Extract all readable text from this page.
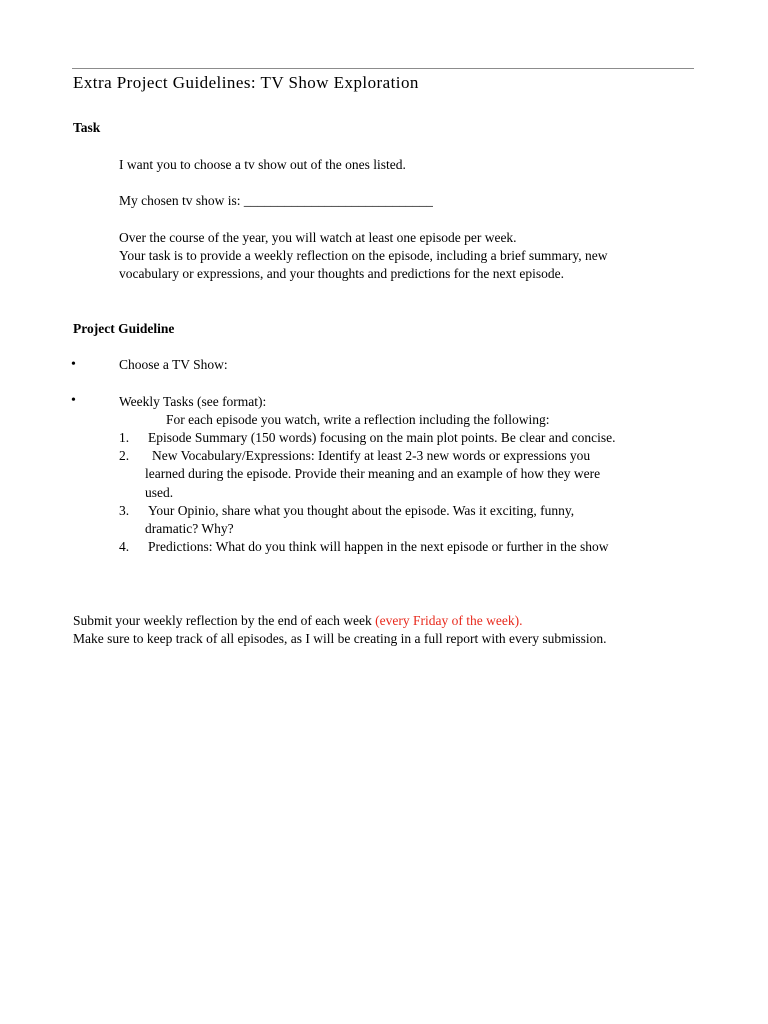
Extra Project Guidelines: TV Show Exploration
Task
I want you to choose a tv show out of the ones listed.
My chosen tv show is: ____________________________
Over the course of the year, you will watch at least one episode per week.
Your task is to provide a weekly reflection on the episode, including a brief summary, new
vocabulary or expressions, and your thoughts and predictions for the next episode.
Project Guideline
•	Choose a TV Show:
•	Weekly Tasks (see format):
For each episode you watch, write a reflection including the following:
1. Episode Summary (150 words) focusing on the main plot points. Be clear and concise.
2. New Vocabulary/Expressions: Identify at least 2-3 new words or expressions you
learned during the episode. Provide their meaning and an example of how they were
used.
3. Your Opinio, share what you thought about the episode. Was it exciting, funny,
dramatic? Why?
4. Predictions: What do you think will happen in the next episode or further in the show
Submit your weekly reflection by the end of each week (every Friday of the week).
Make sure to keep track of all episodes, as I will be creating in a full report with every submission.
